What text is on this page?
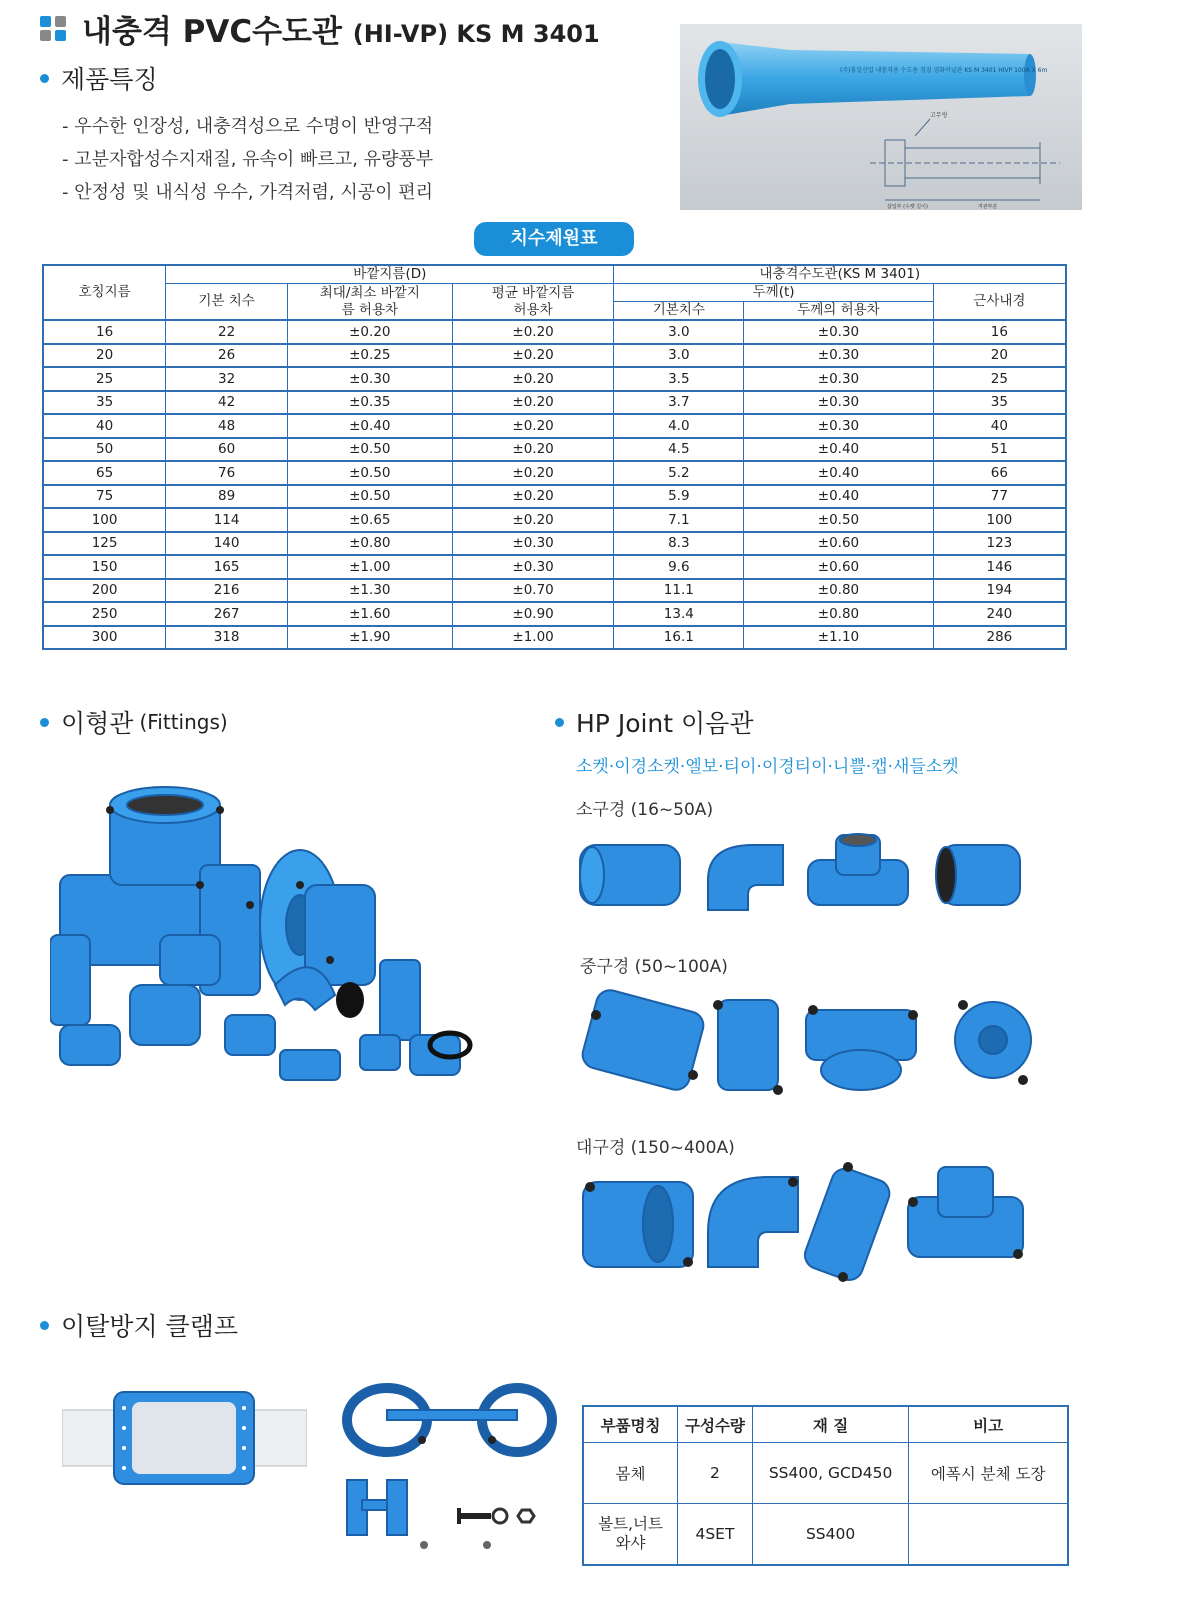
내충격 PVC수도관 (HI-VP) KS M 3401
제품특징
- 우수한 인장성, 내충격성으로 수명이 반영구적
- 고분자합성수지재질, 유속이 빠르고, 유량풍부
- 안정성 및 내식성 우수, 가격저렴, 시공이 편리
(주)홍일산업 내충격용 수도용 경질 염화비닐관 KS M 3401 HIVP 100A X 6m
고무링
삽입부 (수켓 길이)	직관부분
치수제원표
호칭지름	바깥지름(D)			내충격수도관(KS M 3401)		
	기본 치수	최대/최소 바깥지름 허용차	평균 바깥지름 허용차	두께(t)		근사내경
				기본치수	두께의 허용차	
16	22	±0.20	±0.20	3.0	±0.30	16
20	26	±0.25	±0.20	3.0	±0.30	20
25	32	±0.30	±0.20	3.5	±0.30	25
35	42	±0.35	±0.20	3.7	±0.30	35
40	48	±0.40	±0.20	4.0	±0.30	40
50	60	±0.50	±0.20	4.5	±0.40	51
65	76	±0.50	±0.20	5.2	±0.40	66
75	89	±0.50	±0.20	5.9	±0.40	77
100	114	±0.65	±0.20	7.1	±0.50	100
125	140	±0.80	±0.30	8.3	±0.60	123
150	165	±1.00	±0.30	9.6	±0.60	146
200	216	±1.30	±0.70	11.1	±0.80	194
250	267	±1.60	±0.90	13.4	±0.80	240
300	318	±1.90	±1.00	16.1	±1.10	286
이형관 (Fittings)	HP Joint 이음관
소켓·이경소켓·엘보·티이·이경티이·니쁠·캡·새들소켓
소구경 (16~50A)
중구경 (50~100A)
대구경 (150~400A)
이탈방지 클램프
부품명칭	구성수량	재 질	비고
몸체	2	SS400, GCD450	에폭시 분체 도장
볼트,너트
와샤	4SET	SS400	
